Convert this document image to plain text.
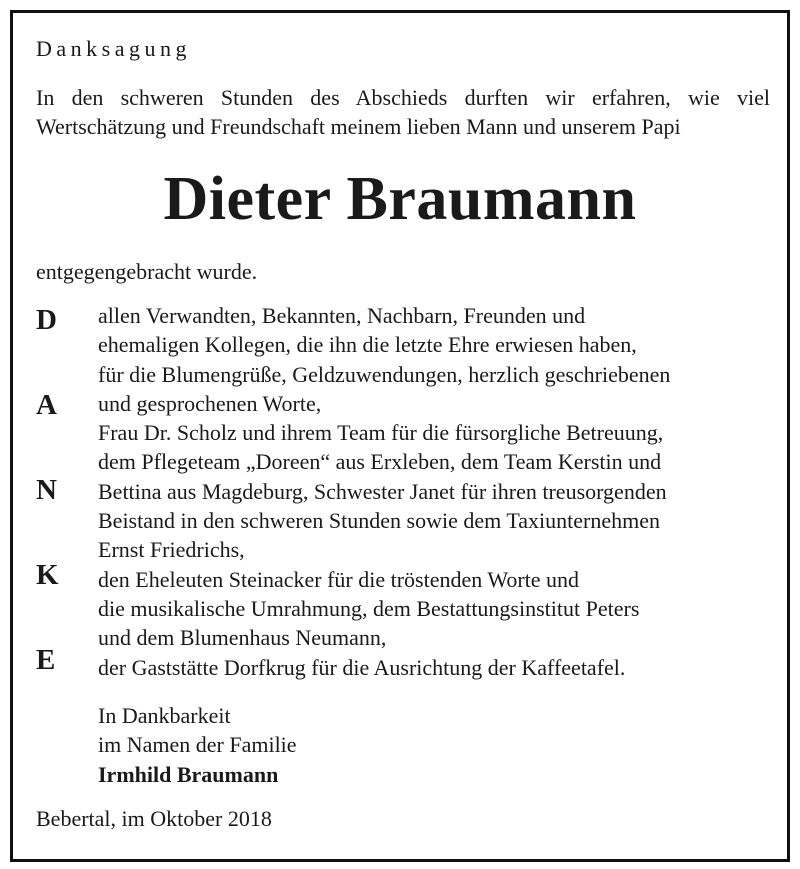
Danksagung
In den schweren Stunden des Abschieds durften wir erfahren, wie viel
Wertschätzung und Freundschaft meinem lieben Mann und unserem Papi
Dieter Braumann
entgegengebracht wurde.
D
A
N
K
E
allen Verwandten, Bekannten, Nachbarn, Freunden und
ehemaligen Kollegen, die ihn die letzte Ehre erwiesen haben,
für die Blumengrüße, Geldzuwendungen, herzlich geschriebenen
und gesprochenen Worte,
Frau Dr. Scholz und ihrem Team für die fürsorgliche Betreuung,
dem Pflegeteam „Doreen“ aus Erxleben, dem Team Kerstin und
Bettina aus Magdeburg, Schwester Janet für ihren treusorgenden
Beistand in den schweren Stunden sowie dem Taxiunternehmen
Ernst Friedrichs,
den Eheleuten Steinacker für die tröstenden Worte und
die musikalische Umrahmung, dem Bestattungsinstitut Peters
und dem Blumenhaus Neumann,
der Gaststätte Dorfkrug für die Ausrichtung der Kaffeetafel.
In Dankbarkeit
im Namen der Familie
Irmhild Braumann
Bebertal, im Oktober 2018
